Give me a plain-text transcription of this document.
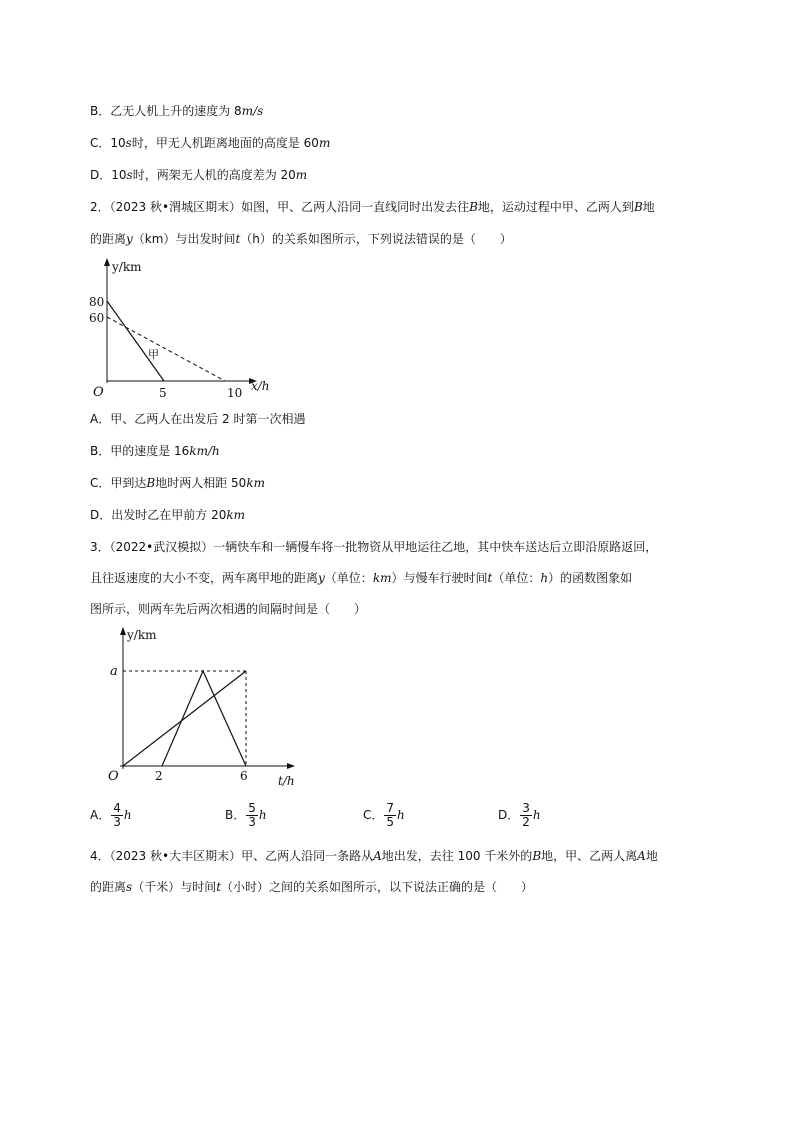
B．乙无人机上升的速度为 8m/s
C．10s时，甲无人机距离地面的高度是 60m
D．10s时，两架无人机的高度差为 20m
2．（2023 秋•渭城区期末）如图，甲、乙两人沿同一直线同时出发去往B地，运动过程中甲、乙两人到B地
的距离y（km）与出发时间t（h）的关系如图所示，下列说法错误的是（　　）
y/km
x/h
O
80
60
5	10
甲
A．甲、乙两人在出发后 2 时第一次相遇
B．甲的速度是 16km/h
C．甲到达B地时两人相距 50km
D．出发时乙在甲前方 20km
3．（2022•武汉模拟）一辆快车和一辆慢车将一批物资从甲地运往乙地，其中快车送达后立即沿原路返回，
且往返速度的大小不变，两车离甲地的距离y（单位：km）与慢车行驶时间t（单位：h）的函数图象如
图所示，则两车先后两次相遇的间隔时间是（　　）
y/km
t/h
O
a
2	6
A． $\frac{4}{3}$ h	B． $\frac{5}{3}$ h	C． $\frac{7}{5}$ h	D． $\frac{3}{2}$ h
4．（2023 秋•大丰区期末）甲、乙两人沿同一条路从A地出发，去往 100 千米外的B地，甲、乙两人离A地
的距离s（千米）与时间t（小时）之间的关系如图所示，以下说法正确的是（　　）
